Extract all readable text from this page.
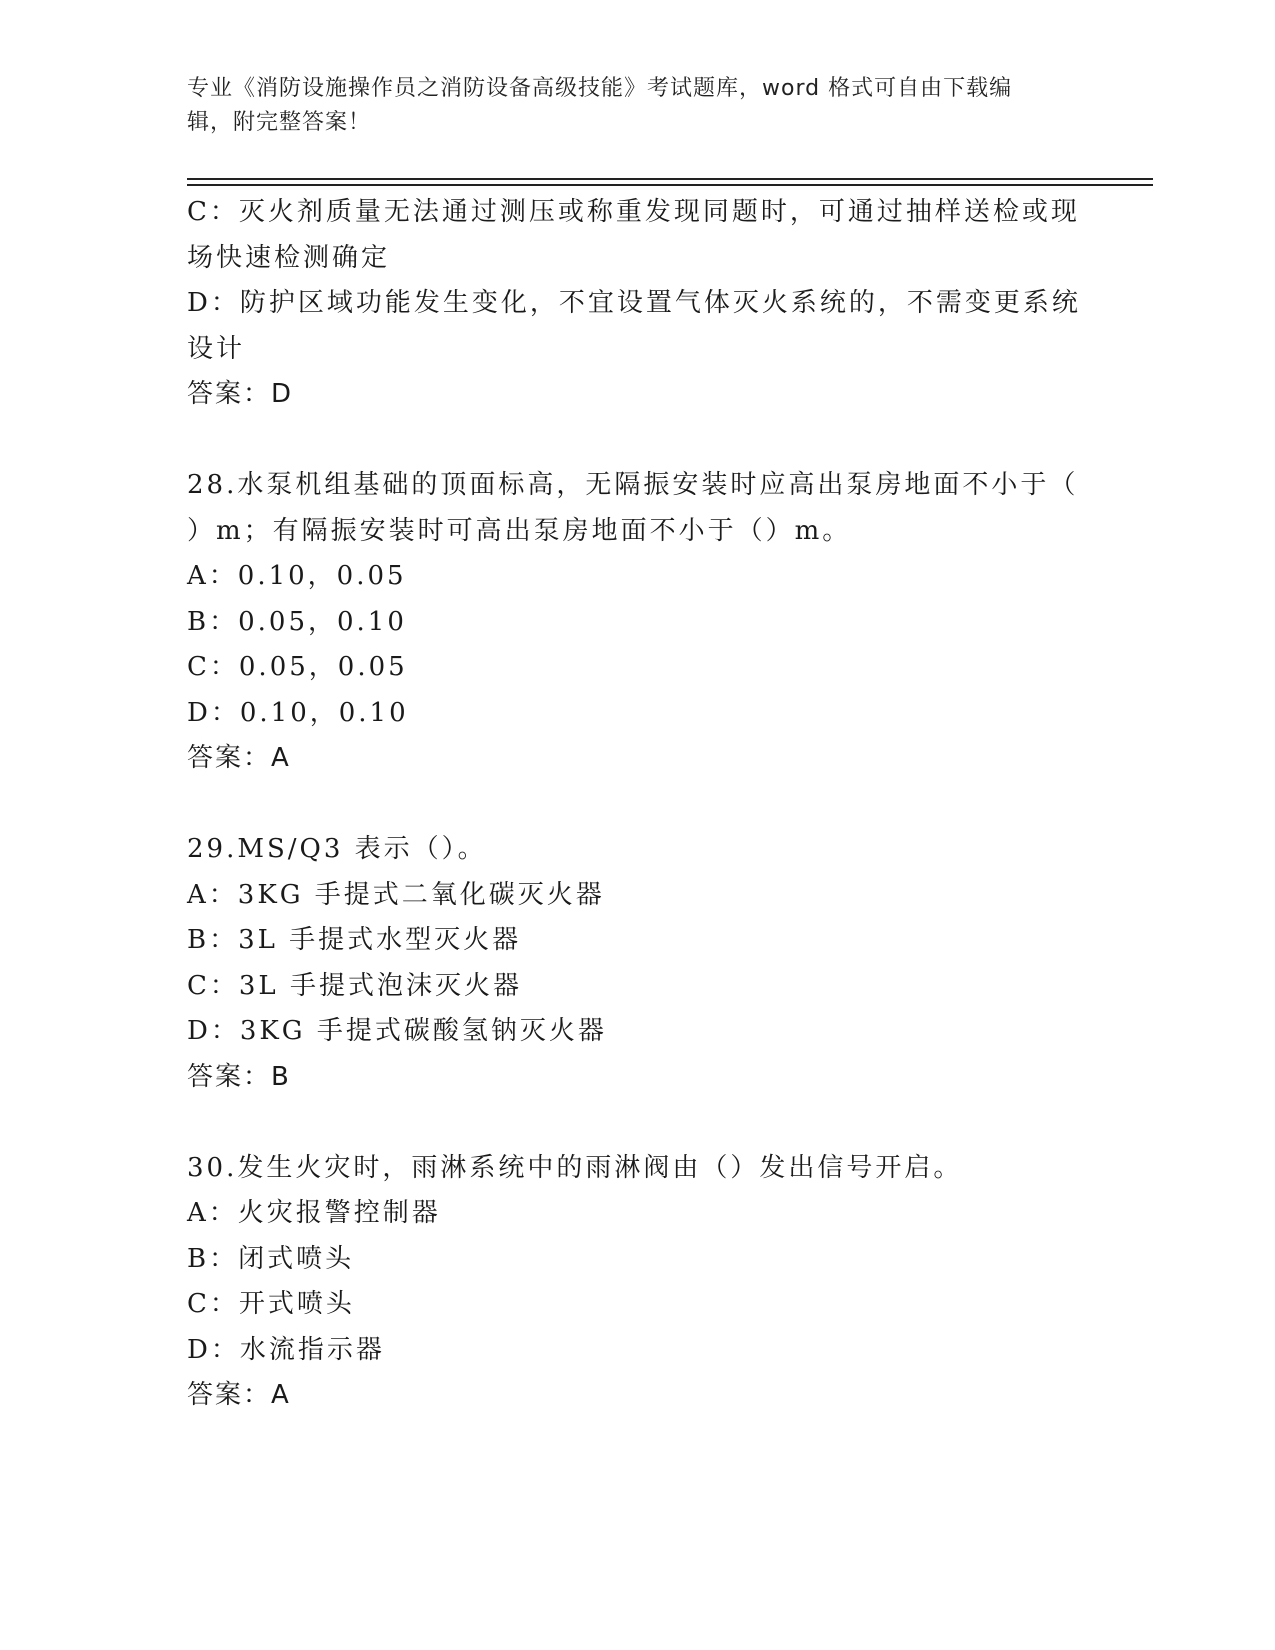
专业《消防设施操作员之消防设备高级技能》考试题库，word 格式可自由下载编
辑，附完整答案！
C：灭火剂质量无法通过测压或称重发现同题时，可通过抽样送检或现
场快速检测确定
D：防护区域功能发生变化，不宜设置气体灭火系统的，不需变更系统
设计
答案：D
28.水泵机组基础的顶面标高，无隔振安装时应高出泵房地面不小于（
）m；有隔振安装时可高出泵房地面不小于（）m。
A：0.10，0.05
B：0.05，0.10
C：0.05，0.05
D：0.10，0.10
答案：A
29.MS/Q3 表示（）。
A：3KG 手提式二氧化碳灭火器
B：3L 手提式水型灭火器
C：3L 手提式泡沫灭火器
D：3KG 手提式碳酸氢钠灭火器
答案：B
30.发生火灾时，雨淋系统中的雨淋阀由（）发出信号开启。
A：火灾报警控制器
B：闭式喷头
C：开式喷头
D：水流指示器
答案：A
